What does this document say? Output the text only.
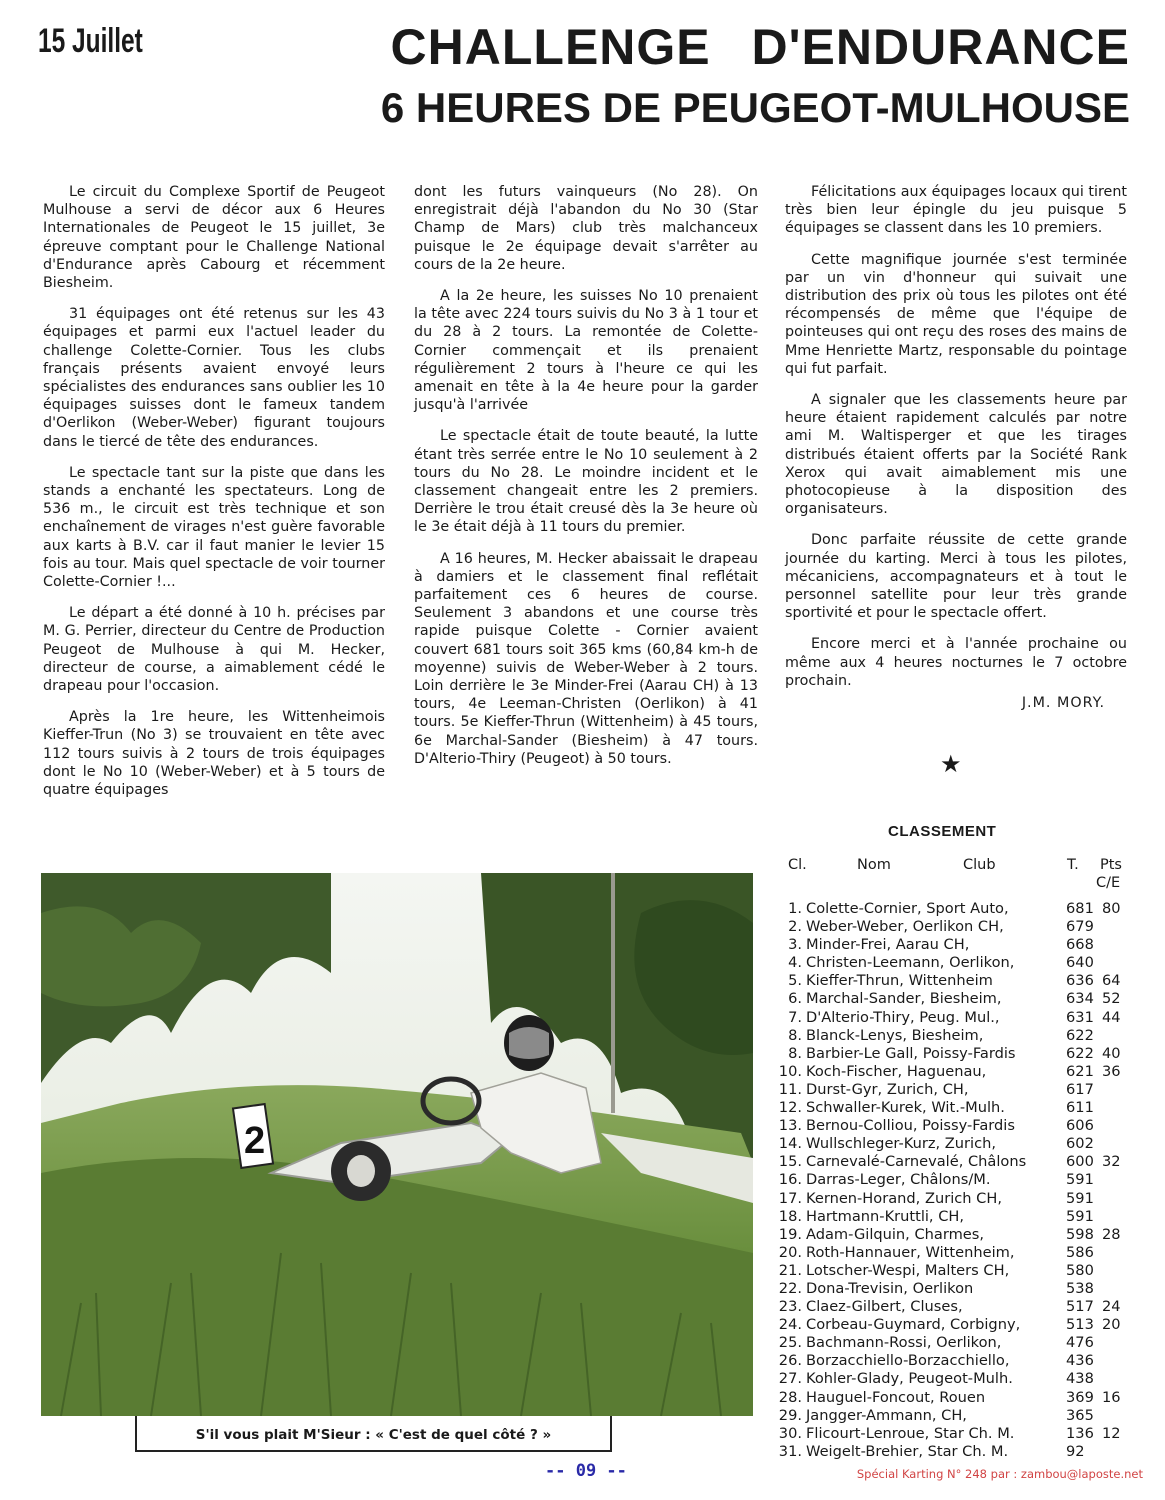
15 Juillet	CHALLENGE D'ENDURANCE
6 HEURES DE PEUGEOT-MULHOUSE

Le circuit du Complexe Sportif de Peugeot Mulhouse a servi de décor aux 6 Heures Internationales de Peugeot le 15 juillet, 3e épreuve comptant pour le Challenge National d'Endurance après Cabourg et récemment Biesheim.

31 équipages ont été retenus sur les 43 équipages et parmi eux l'actuel leader du challenge Colette-Cornier. Tous les clubs français présents avaient envoyé leurs spécialistes des endurances sans oublier les 10 équipages suisses dont le fameux tandem d'Oerlikon (Weber-Weber) figurant toujours dans le tiercé de tête des endurances.

Le spectacle tant sur la piste que dans les stands a enchanté les spectateurs. Long de 536 m., le circuit est très technique et son enchaînement de virages n'est guère favorable aux karts à B.V. car il faut manier le levier 15 fois au tour. Mais quel spectacle de voir tourner Colette-Cornier !...

Le départ a été donné à 10 h. précises par M. G. Perrier, directeur du Centre de Production Peugeot de Mulhouse à qui M. Hecker, directeur de course, a aimablement cédé le drapeau pour l'occasion.

Après la 1re heure, les Wittenheimois Kieffer-Trun (No 3) se trouvaient en tête avec 112 tours suivis à 2 tours de trois équipages dont le No 10 (Weber-Weber) et à 5 tours de quatre équipages

dont les futurs vainqueurs (No 28). On enregistrait déjà l'abandon du No 30 (Star Champ de Mars) club très malchanceux puisque le 2e équipage devait s'arrêter au cours de la 2e heure.

A la 2e heure, les suisses No 10 prenaient la tête avec 224 tours suivis du No 3 à 1 tour et du 28 à 2 tours. La remontée de Colette-Cornier commençait et ils prenaient régulièrement 2 tours à l'heure ce qui les amenait en tête à la 4e heure pour la garder jusqu'à l'arrivée

Le spectacle était de toute beauté, la lutte étant très serrée entre le No 10 seulement à 2 tours du No 28. Le moindre incident et le classement changeait entre les 2 premiers. Derrière le trou était creusé dès la 3e heure où le 3e était déjà à 11 tours du premier.

A 16 heures, M. Hecker abaissait le drapeau à damiers et le classement final reflétait parfaitement ces 6 heures de course. Seulement 3 abandons et une course très rapide puisque Colette - Cornier avaient couvert 681 tours soit 365 kms (60,84 km-h de moyenne) suivis de Weber-Weber à 2 tours. Loin derrière le 3e Minder-Frei (Aarau CH) à 13 tours, 4e Leeman-Christen (Oerlikon) à 41 tours. 5e Kieffer-Thrun (Wittenheim) à 45 tours, 6e Marchal-Sander (Biesheim) à 47 tours. D'Alterio-Thiry (Peugeot) à 50 tours.

Félicitations aux équipages locaux qui tirent très bien leur épingle du jeu puisque 5 équipages se classent dans les 10 premiers.

Cette magnifique journée s'est terminée par un vin d'honneur qui suivait une distribution des prix où tous les pilotes ont été récompensés de même que l'équipe de pointeuses qui ont reçu des roses des mains de Mme Henriette Martz, responsable du pointage qui fut parfait.

A signaler que les classements heure par heure étaient rapidement calculés par notre ami M. Waltisperger et que les tirages distribués étaient offerts par la Société Rank Xerox qui avait aimablement mis une photocopieuse à la disposition des organisateurs.

Donc parfaite réussite de cette grande journée du karting. Merci à tous les pilotes, mécaniciens, accompagnateurs et à tout le personnel satellite pour leur très grande sportivité et pour le spectacle offert.

Encore merci et à l'année prochaine ou même aux 4 heures nocturnes le 7 octobre prochain.

J.M. MORY.
★
CLASSEMENT
Cl.	Nom	Club	T. Pts
C/E
1. Colette-Cornier, Sport Auto,	681 80
2. Weber-Weber, Oerlikon CH,	679
3. Minder-Frei, Aarau CH,	668
4. Christen-Leemann, Oerlikon,	640
5. Kieffer-Thrun, Wittenheim	636 64
6. Marchal-Sander, Biesheim,	634 52
7. D'Alterio-Thiry, Peug. Mul.,	631 44
8. Blanck-Lenys, Biesheim,	622
8. Barbier-Le Gall, Poissy-Fardis	622 40
10. Koch-Fischer, Haguenau,	621 36
11. Durst-Gyr, Zurich, CH,	617
12. Schwaller-Kurek, Wit.-Mulh.	611
13. Bernou-Colliou, Poissy-Fardis	606
14. Wullschleger-Kurz, Zurich,	602
15. Carnevalé-Carnevalé, Châlons	600 32
16. Darras-Leger, Châlons/M.	591
17. Kernen-Horand, Zurich CH,	591
18. Hartmann-Kruttli, CH,	591
19. Adam-Gilquin, Charmes,	598 28
20. Roth-Hannauer, Wittenheim,	586
21. Lotscher-Wespi, Malters CH,	580
22. Dona-Trevisin, Oerlikon	538
23. Claez-Gilbert, Cluses,	517 24
24. Corbeau-Guymard, Corbigny,	513 20
25. Bachmann-Rossi, Oerlikon,	476
26. Borzacchiello-Borzacchiello,	436
27. Kohler-Glady, Peugeot-Mulh.	438
28. Hauguel-Foncout, Rouen	369 16
29. Jangger-Ammann, CH,	365
30. Flicourt-Lenroue, Star Ch. M.	136 12
31. Weigelt-Brehier, Star Ch. M.	92
2
S'il vous plait M'Sieur : « C'est de quel côté ? »
-- 09 --	Spécial Karting N° 248 par : zambou@laposte.net
